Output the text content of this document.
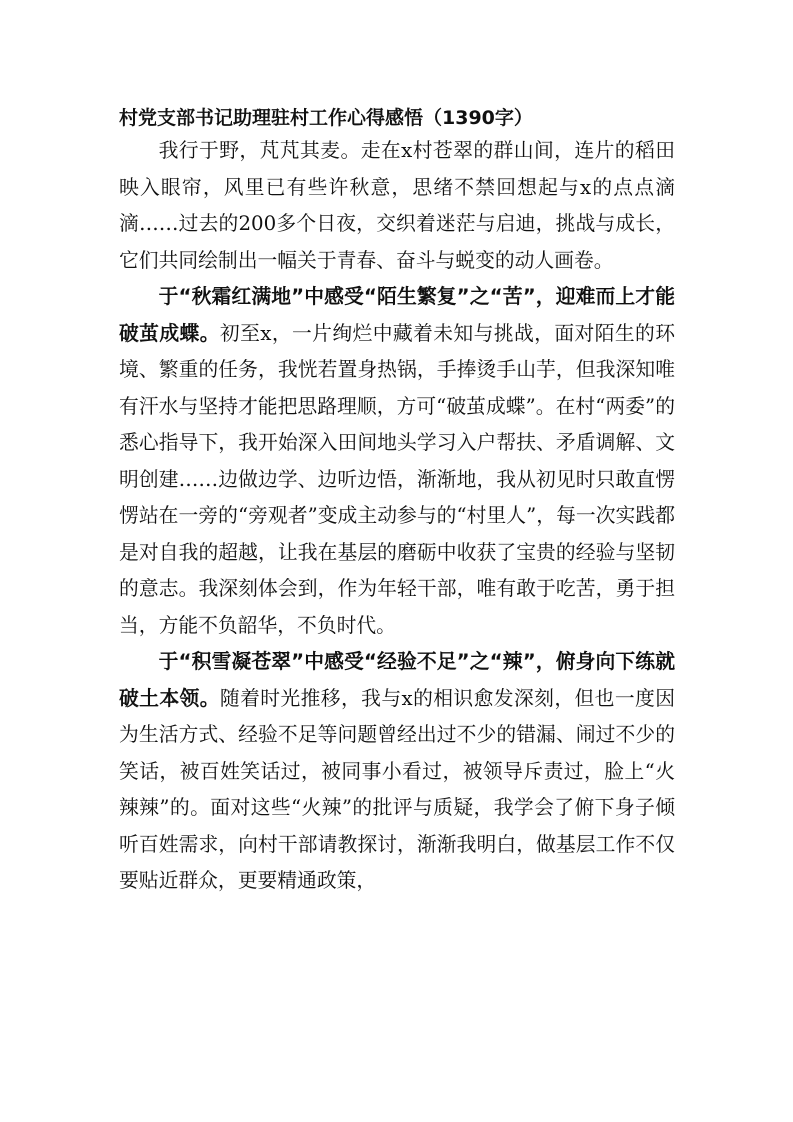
村党支部书记助理驻村工作心得感悟（1390字）

我行于野，芃芃其麦。走在x村苍翠的群山间，连片的稻田映入眼帘，风里已有些许秋意，思绪不禁回想起与x的点点滴滴……过去的200多个日夜，交织着迷茫与启迪，挑战与成长，它们共同绘制出一幅关于青春、奋斗与蜕变的动人画卷。

于“秋霜红满地”中感受“陌生繁复”之“苦”，迎难而上才能破茧成蝶。初至x，一片绚烂中藏着未知与挑战，面对陌生的环境、繁重的任务，我恍若置身热锅，手捧烫手山芋，但我深知唯有汗水与坚持才能把思路理顺，方可“破茧成蝶”。在村“两委”的悉心指导下，我开始深入田间地头学习入户帮扶、矛盾调解、文明创建……边做边学、边听边悟，渐渐地，我从初见时只敢直愣愣站在一旁的“旁观者”变成主动参与的“村里人”，每一次实践都是对自我的超越，让我在基层的磨砺中收获了宝贵的经验与坚韧的意志。我深刻体会到，作为年轻干部，唯有敢于吃苦，勇于担当，方能不负韶华，不负时代。

于“积雪凝苍翠”中感受“经验不足”之“辣”，俯身向下练就破土本领。随着时光推移，我与x的相识愈发深刻，但也一度因为生活方式、经验不足等问题曾经出过不少的错漏、闹过不少的笑话，被百姓笑话过，被同事小看过，被领导斥责过，脸上“火辣辣”的。面对这些“火辣”的批评与质疑，我学会了俯下身子倾听百姓需求，向村干部请教探讨，渐渐我明白，做基层工作不仅要贴近群众，更要精通政策，
